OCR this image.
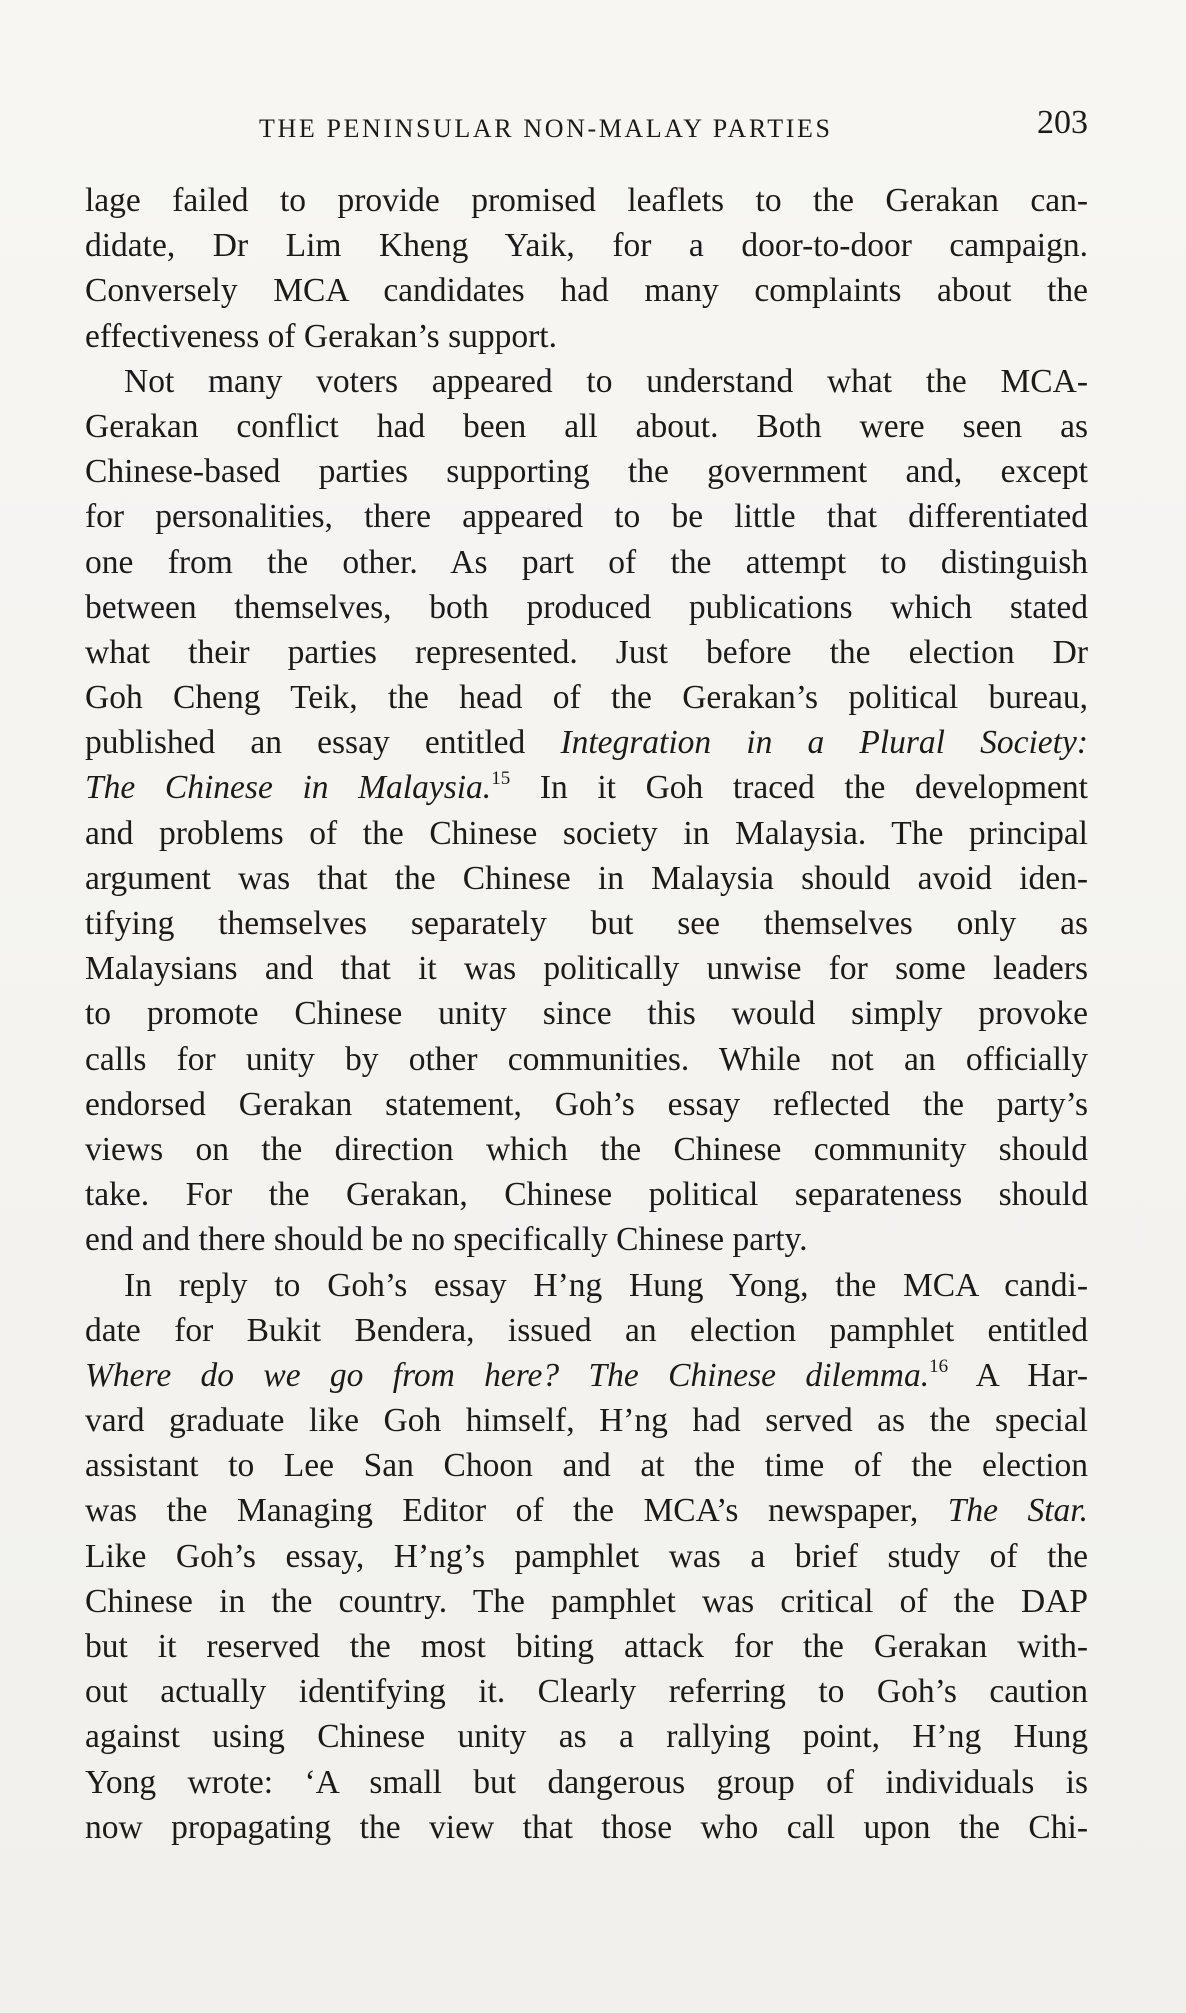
THE PENINSULAR NON-MALAY PARTIES	203
lage failed to provide promised leaflets to the Gerakan can-
didate, Dr Lim Kheng Yaik, for a door-to-door campaign.
Conversely MCA candidates had many complaints about the
effectiveness of Gerakan’s support.
Not many voters appeared to understand what the MCA-
Gerakan conflict had been all about. Both were seen as
Chinese-based parties supporting the government and, except
for personalities, there appeared to be little that differentiated
one from the other. As part of the attempt to distinguish
between themselves, both produced publications which stated
what their parties represented. Just before the election Dr
Goh Cheng Teik, the head of the Gerakan’s political bureau,
published an essay entitled Integration in a Plural Society:
The Chinese in Malaysia.$^{15}$ In it Goh traced the development
and problems of the Chinese society in Malaysia. The principal
argument was that the Chinese in Malaysia should avoid iden-
tifying themselves separately but see themselves only as
Malaysians and that it was politically unwise for some leaders
to promote Chinese unity since this would simply provoke
calls for unity by other communities. While not an officially
endorsed Gerakan statement, Goh’s essay reflected the party’s
views on the direction which the Chinese community should
take. For the Gerakan, Chinese political separateness should
end and there should be no specifically Chinese party.
In reply to Goh’s essay H’ng Hung Yong, the MCA candi-
date for Bukit Bendera, issued an election pamphlet entitled
Where do we go from here? The Chinese dilemma.$^{16}$ A Har-
vard graduate like Goh himself, H’ng had served as the special
assistant to Lee San Choon and at the time of the election
was the Managing Editor of the MCA’s newspaper, The Star.
Like Goh’s essay, H’ng’s pamphlet was a brief study of the
Chinese in the country. The pamphlet was critical of the DAP
but it reserved the most biting attack for the Gerakan with-
out actually identifying it. Clearly referring to Goh’s caution
against using Chinese unity as a rallying point, H’ng Hung
Yong wrote: ‘A small but dangerous group of individuals is
now propagating the view that those who call upon the Chi-
